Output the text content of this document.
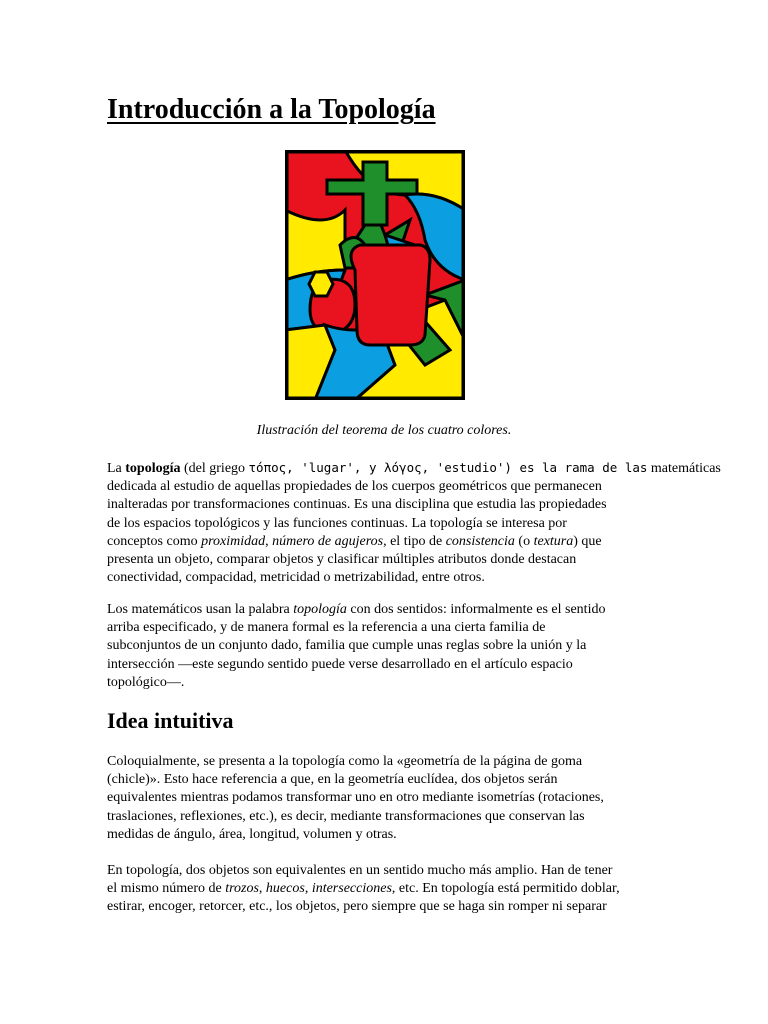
Introducción a la Topología
Ilustración del teorema de los cuatro colores.
La topología (del griego τόπος, 'lugar', y λόγος, 'estudio') es la rama de las matemáticas
dedicada al estudio de aquellas propiedades de los cuerpos geométricos que permanecen
inalteradas por transformaciones continuas. Es una disciplina que estudia las propiedades
de los espacios topológicos y las funciones continuas. La topología se interesa por
conceptos como proximidad, número de agujeros, el tipo de consistencia (o textura) que
presenta un objeto, comparar objetos y clasificar múltiples atributos donde destacan
conectividad, compacidad, metricidad o metrizabilidad, entre otros.
Los matemáticos usan la palabra topología con dos sentidos: informalmente es el sentido
arriba especificado, y de manera formal es la referencia a una cierta familia de
subconjuntos de un conjunto dado, familia que cumple unas reglas sobre la unión y la
intersección —este segundo sentido puede verse desarrollado en el artículo espacio
topológico—.
Idea intuitiva
Coloquialmente, se presenta a la topología como la «geometría de la página de goma
(chicle)». Esto hace referencia a que, en la geometría euclídea, dos objetos serán
equivalentes mientras podamos transformar uno en otro mediante isometrías (rotaciones,
traslaciones, reflexiones, etc.), es decir, mediante transformaciones que conservan las
medidas de ángulo, área, longitud, volumen y otras.
En topología, dos objetos son equivalentes en un sentido mucho más amplio. Han de tener
el mismo número de trozos, huecos, intersecciones, etc. En topología está permitido doblar,
estirar, encoger, retorcer, etc., los objetos, pero siempre que se haga sin romper ni separar
